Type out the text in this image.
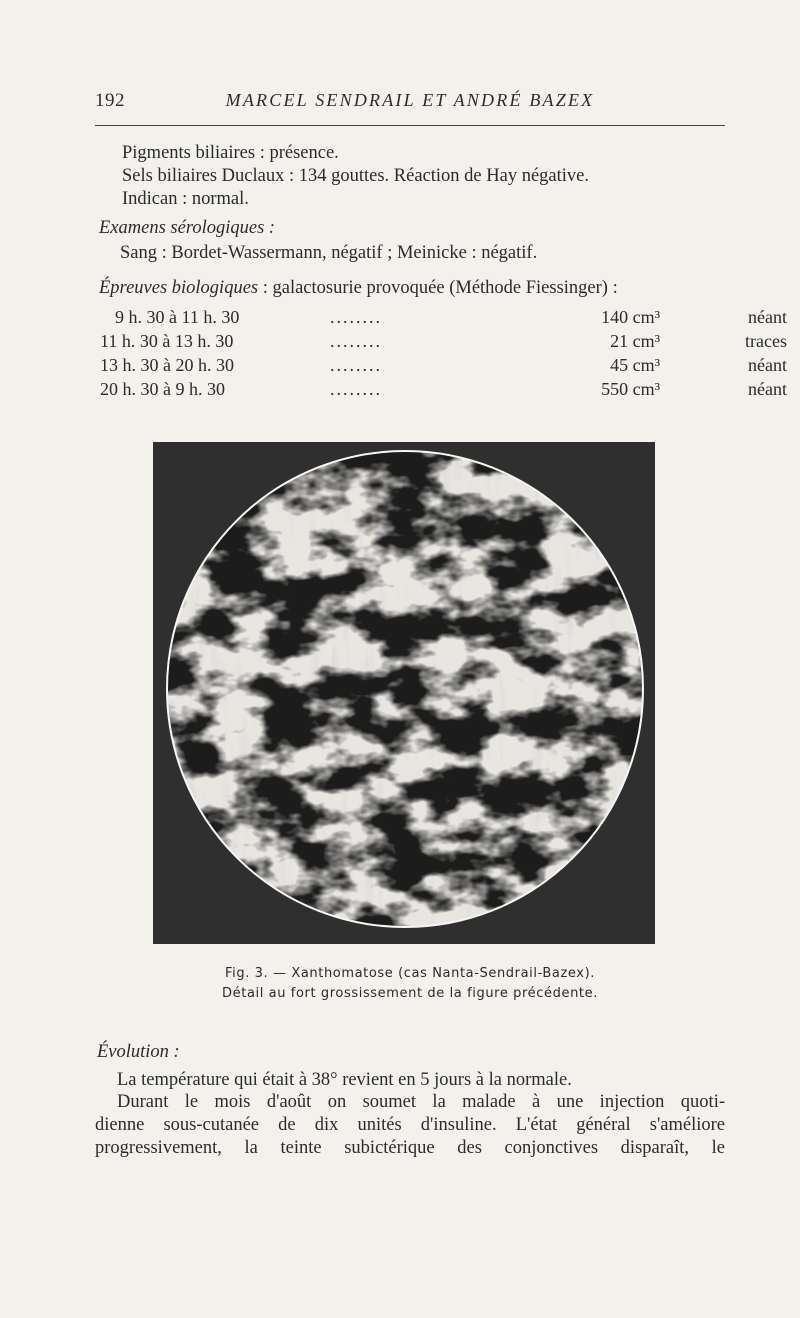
192	MARCEL SENDRAIL ET ANDRÉ BAZEX
Pigments biliaires : présence.
Sels biliaires Duclaux : 134 gouttes. Réaction de Hay négative.
Indican : normal.
Examens sérologiques :
Sang : Bordet-Wassermann, négatif ; Meinicke : négatif.
Épreuves biologiques : galactosurie provoquée (Méthode Fiessinger) :
9 h. 30 à 11 h. 30	........	140 cm³	néant
11 h. 30 à 13 h. 30	........	21 cm³	traces
13 h. 30 à 20 h. 30	........	45 cm³	néant
20 h. 30 à 9 h. 30	........	550 cm³	néant
Fig. 3. — Xanthomatose (cas Nanta-Sendrail-Bazex).
Détail au fort grossissement de la figure précédente.
Évolution :
La température qui était à 38° revient en 5 jours à la normale.
Durant le mois d'août on soumet la malade à une injection quoti-
dienne sous-cutanée de dix unités d'insuline. L'état général s'améliore
progressivement, la teinte subictérique des conjonctives disparaît, le
